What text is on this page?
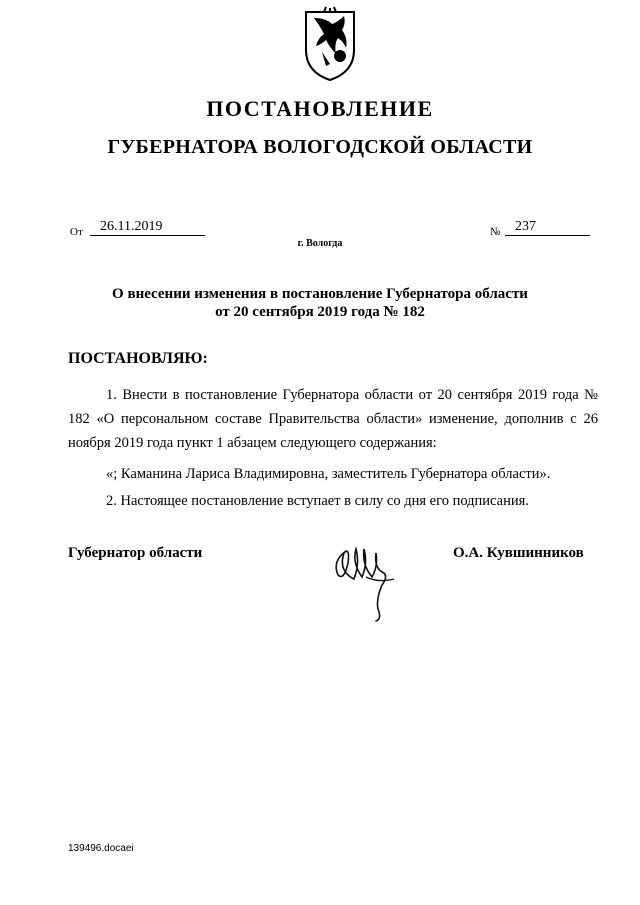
ПОСТАНОВЛЕНИЕ
ГУБЕРНАТОРА ВОЛОГОДСКОЙ ОБЛАСТИ
От	26.11.2019	№	237
г. Вологда
О внесении изменения в постановление Губернатора области
от 20 сентября 2019 года № 182
ПОСТАНОВЛЯЮ:
1. Внести в постановление Губернатора области от 20 сентября 2019 года № 182 «О персональном составе Правительства области» изменение, дополнив с 26 ноября 2019 года пункт 1 абзацем следующего содержания:
«; Каманина Лариса Владимировна, заместитель Губернатора области».
2. Настоящее постановление вступает в силу со дня его подписания.
Губернатор области	О.А. Кувшинников
139496.docaei
